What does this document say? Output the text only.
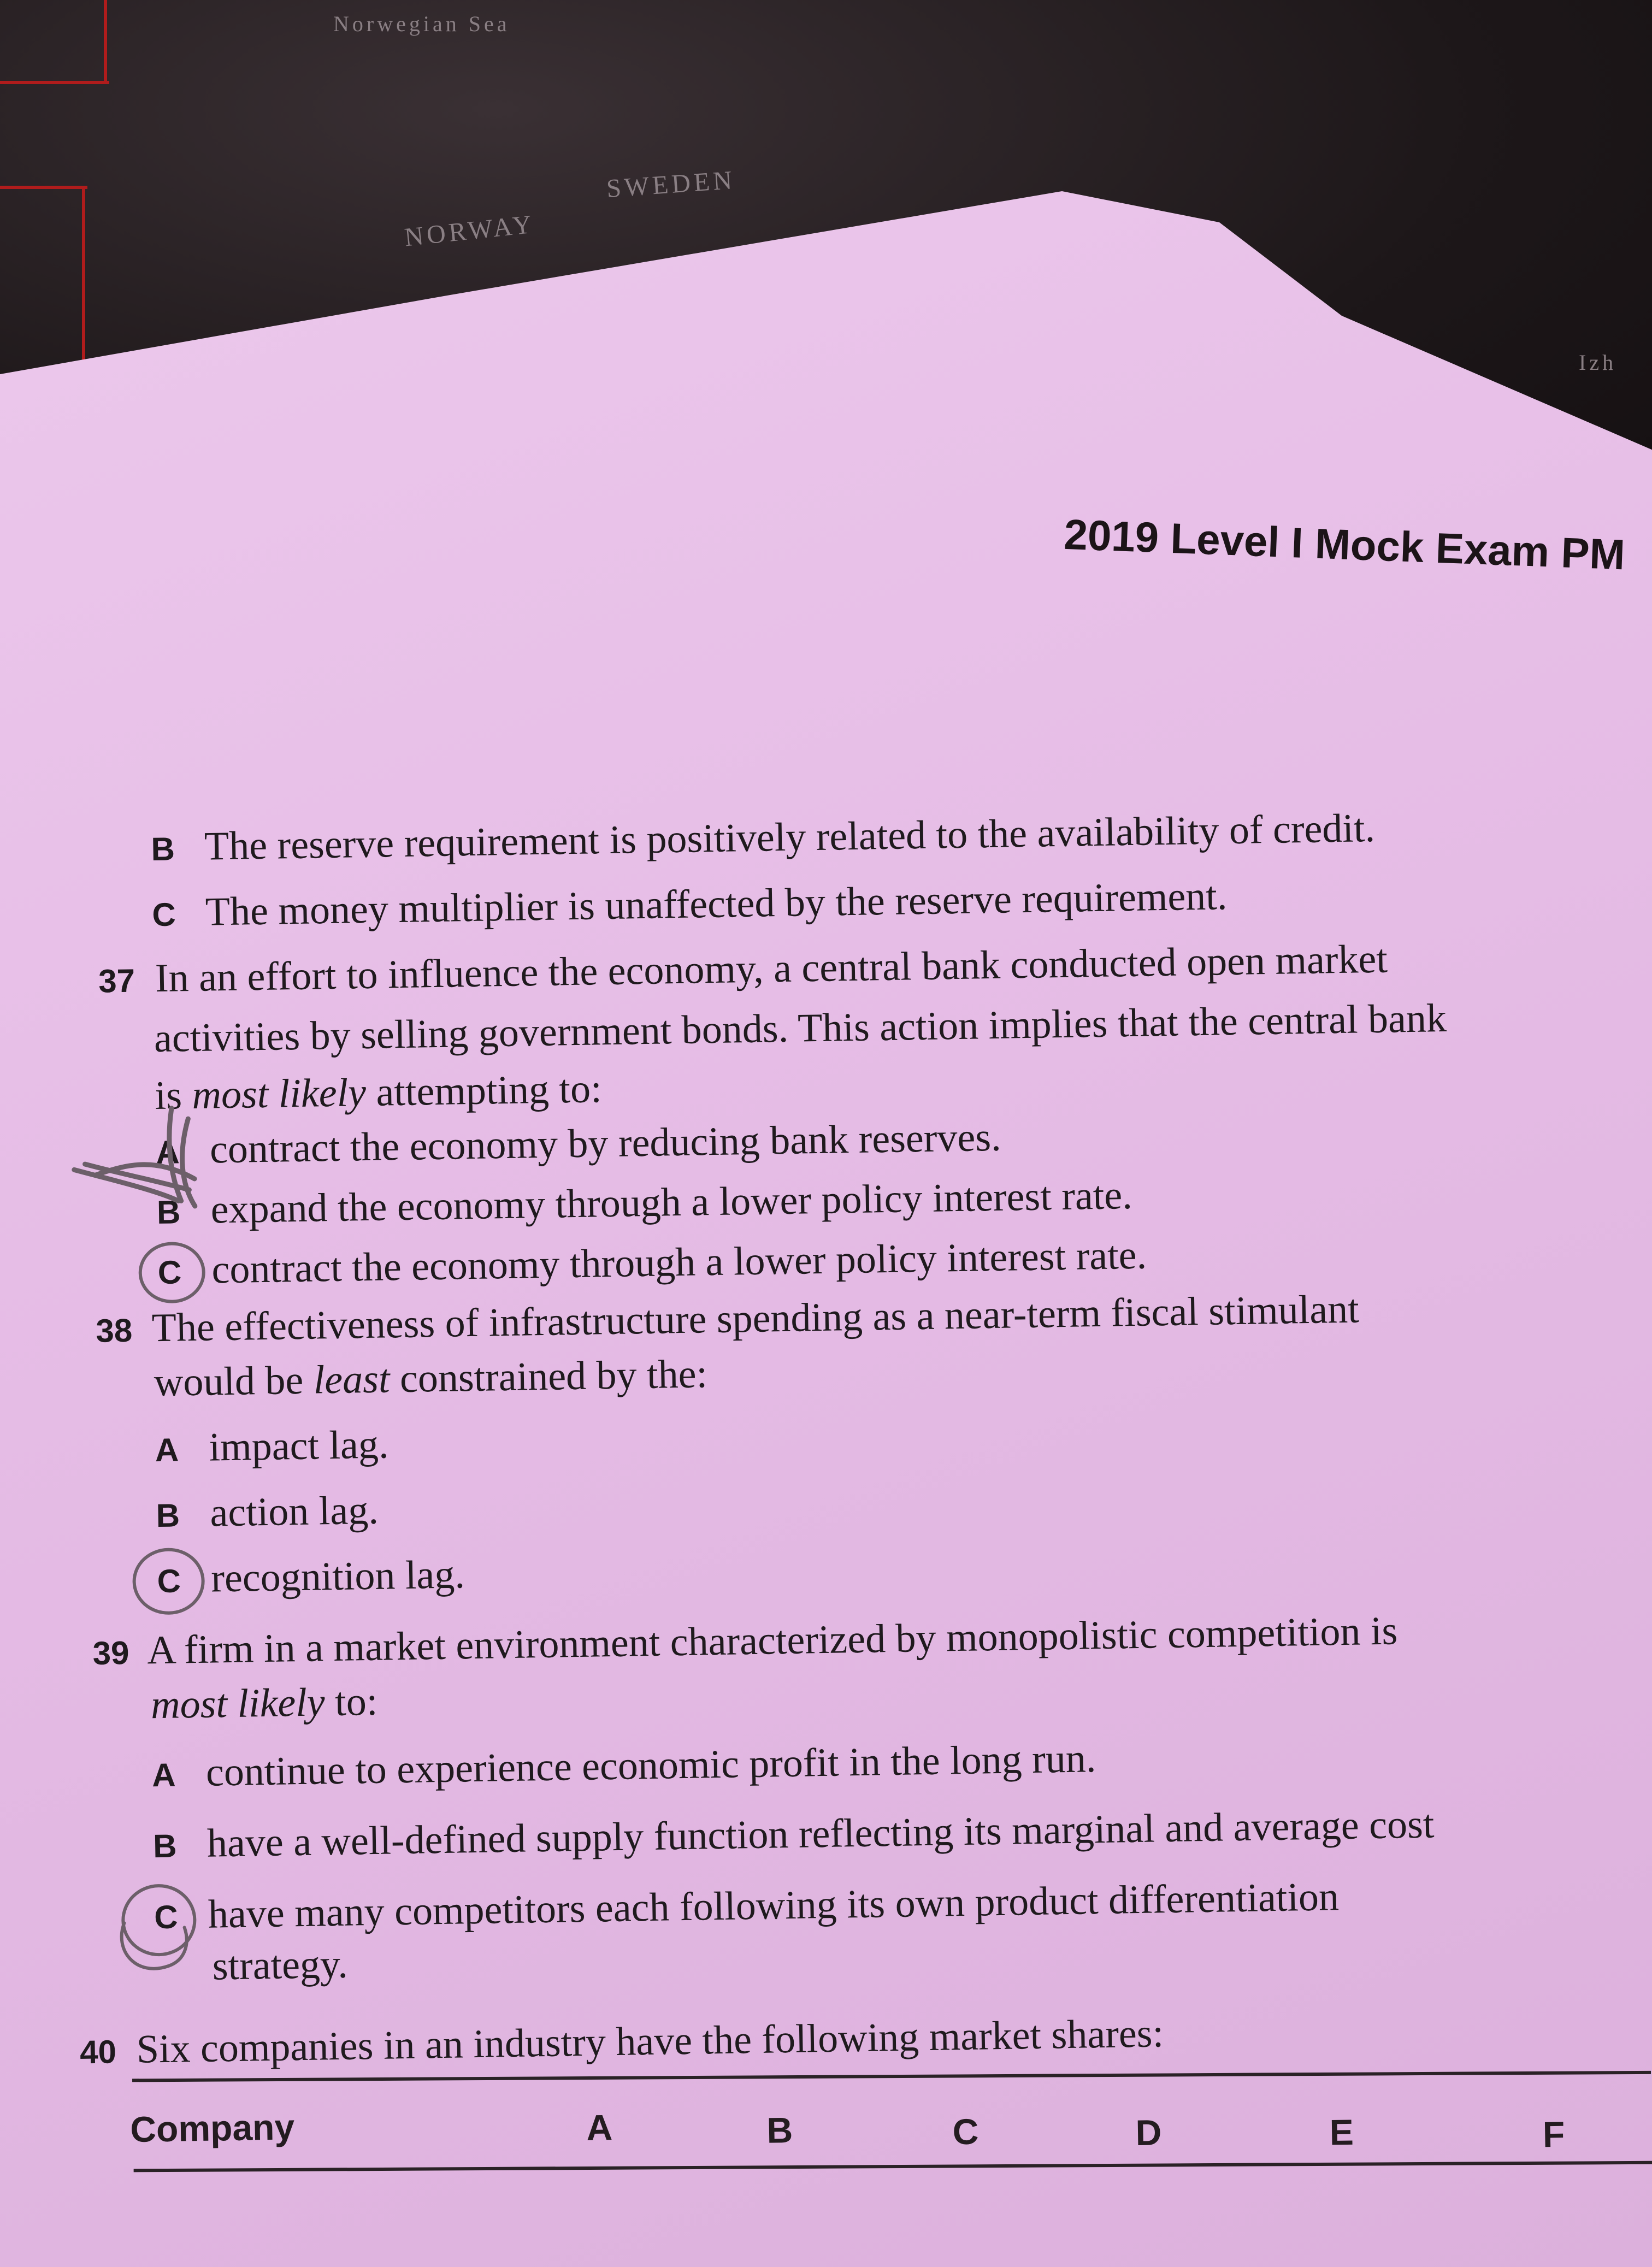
Norwegian Sea
SWEDEN
NORWAY
Izh
2019 Level I Mock Exam PM
B The reserve requirement is positively related to the availability of credit.
C The money multiplier is unaffected by the reserve requirement.
37 In an effort to influence the economy, a central bank conducted open market
activities by selling government bonds. This action implies that the central bank
is most likely attempting to:
A contract the economy by reducing bank reserves.
B expand the economy through a lower policy interest rate.
C contract the economy through a lower policy interest rate.
38 The effectiveness of infrastructure spending as a near-term fiscal stimulant
would be least constrained by the:
A impact lag.
B action lag.
C recognition lag.
39 A firm in a market environment characterized by monopolistic competition is
most likely to:
A continue to experience economic profit in the long run.
B have a well-defined supply function reflecting its marginal and average cost
C have many competitors each following its own product differentiation
strategy.
40 Six companies in an industry have the following market shares:
Company	A	B	C	D	E	F
